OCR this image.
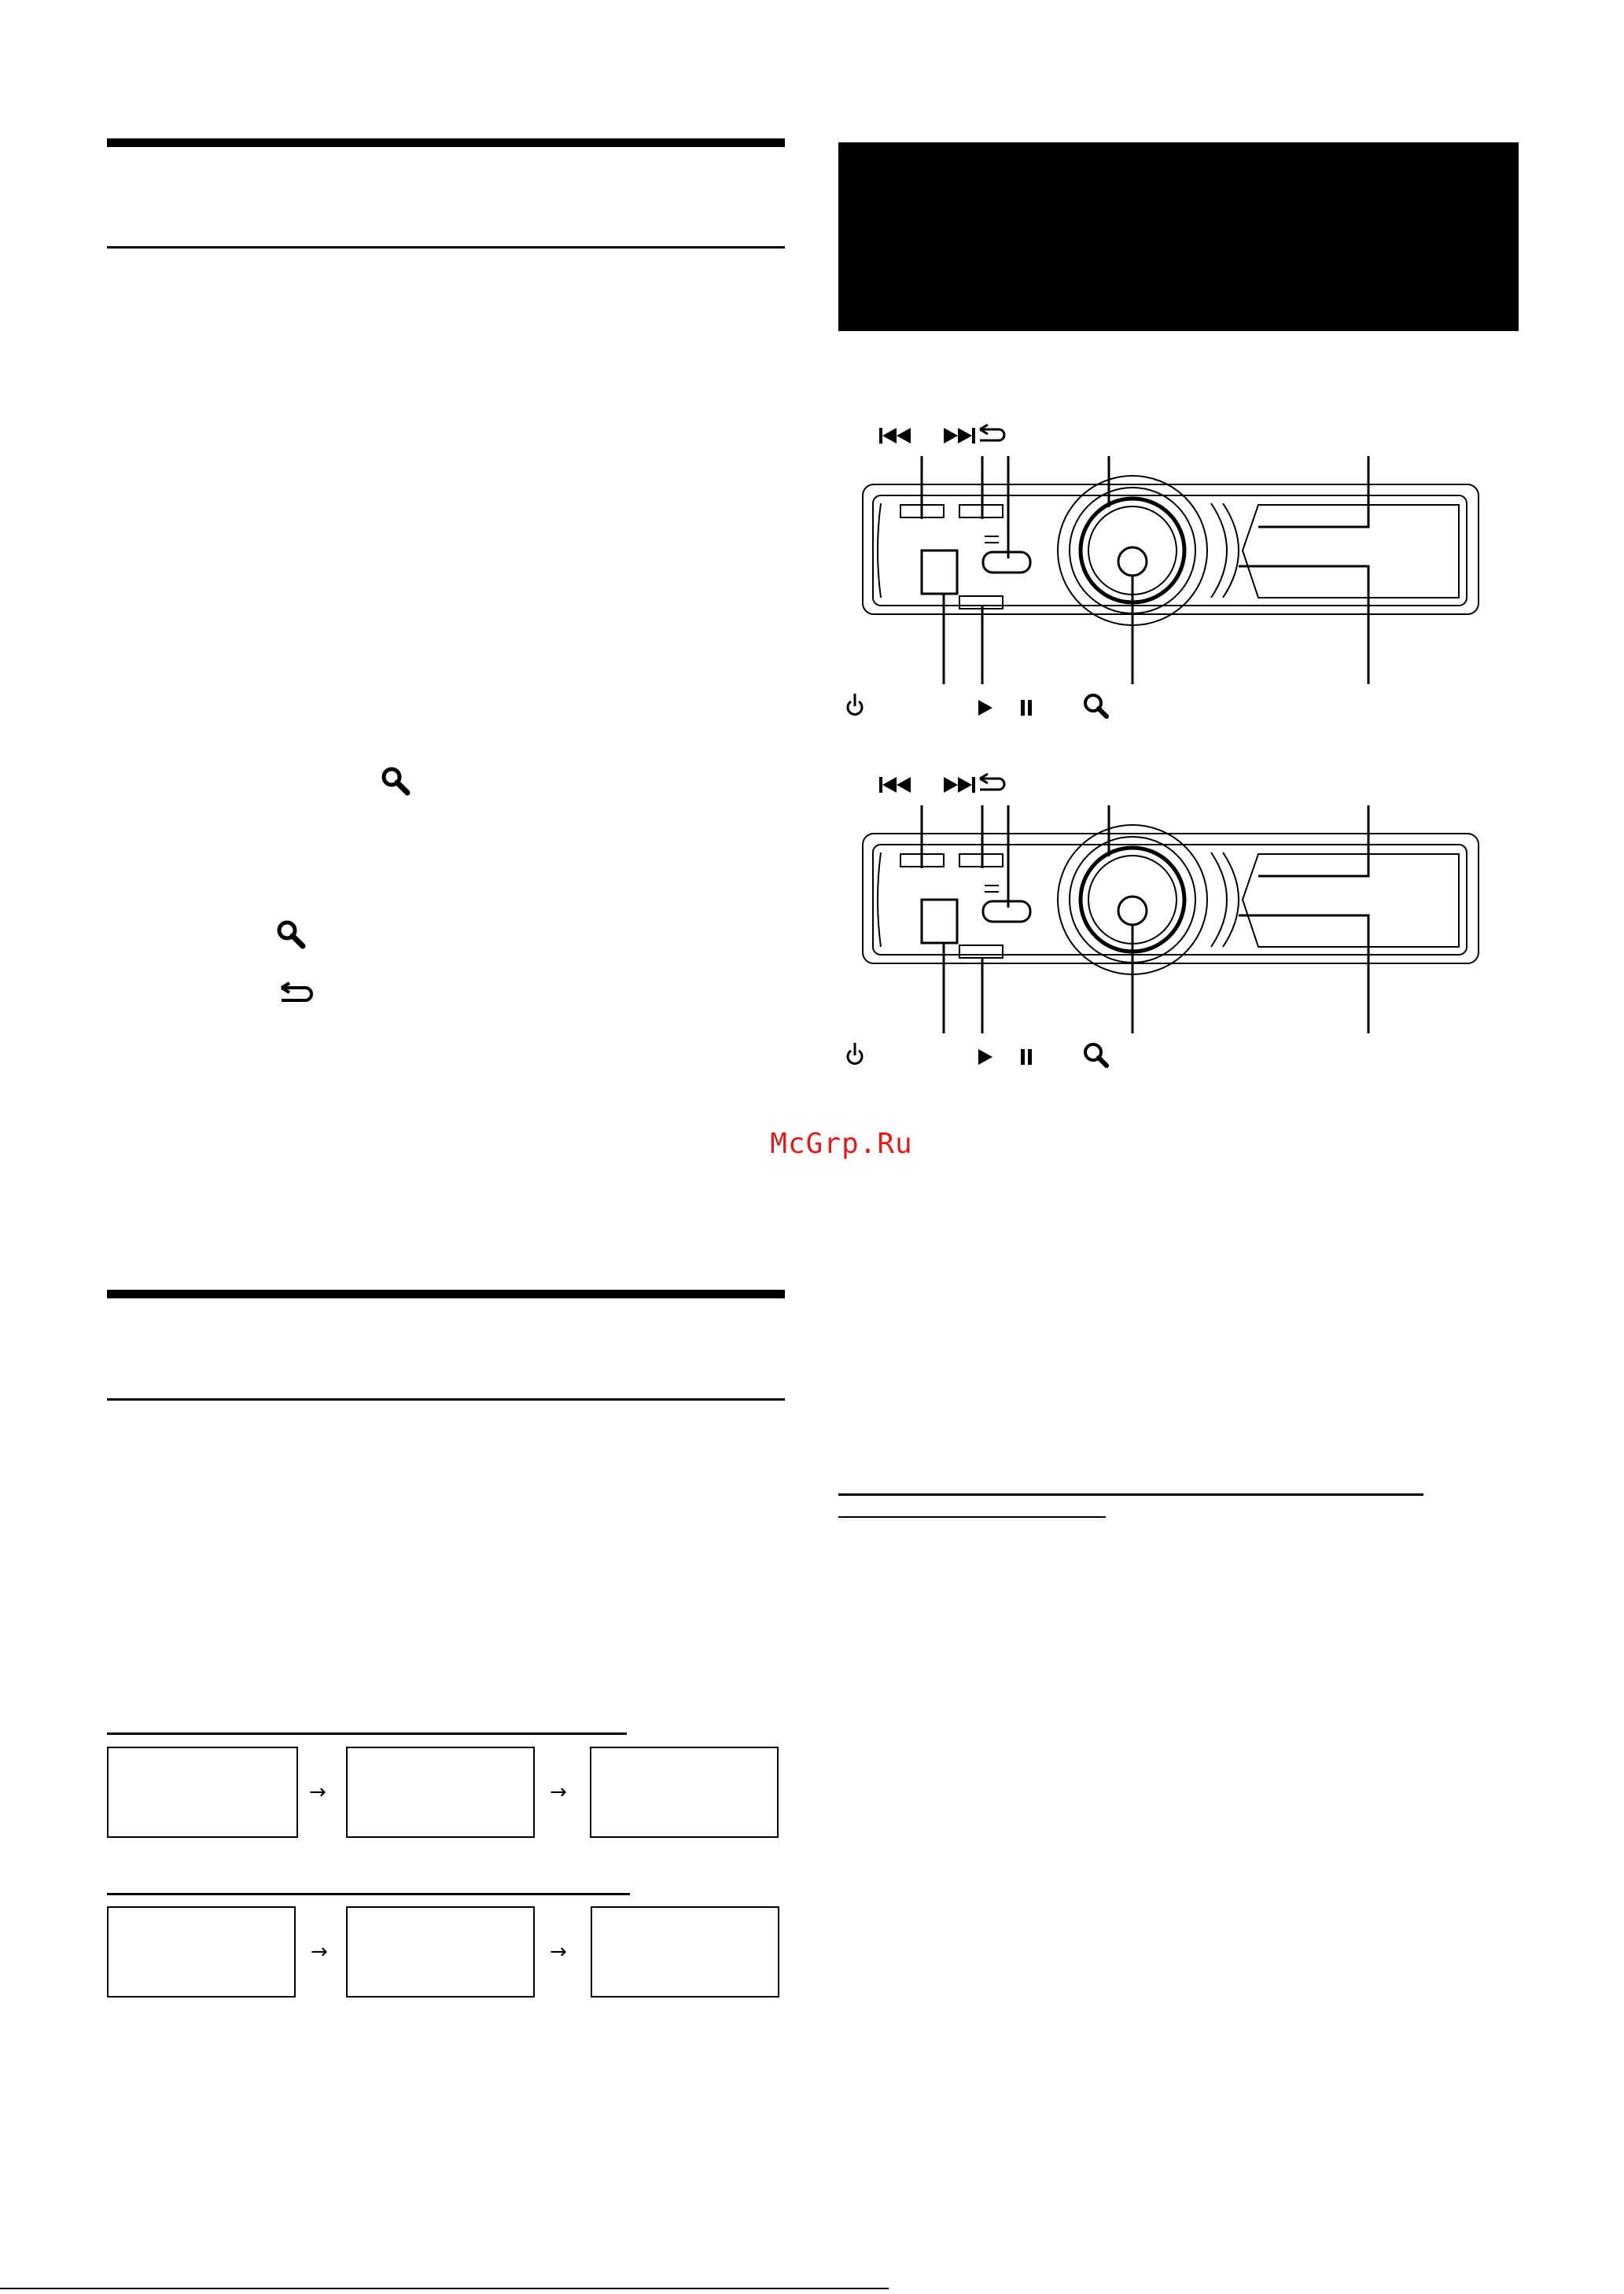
→	→
→	→
McGrp.Ru
